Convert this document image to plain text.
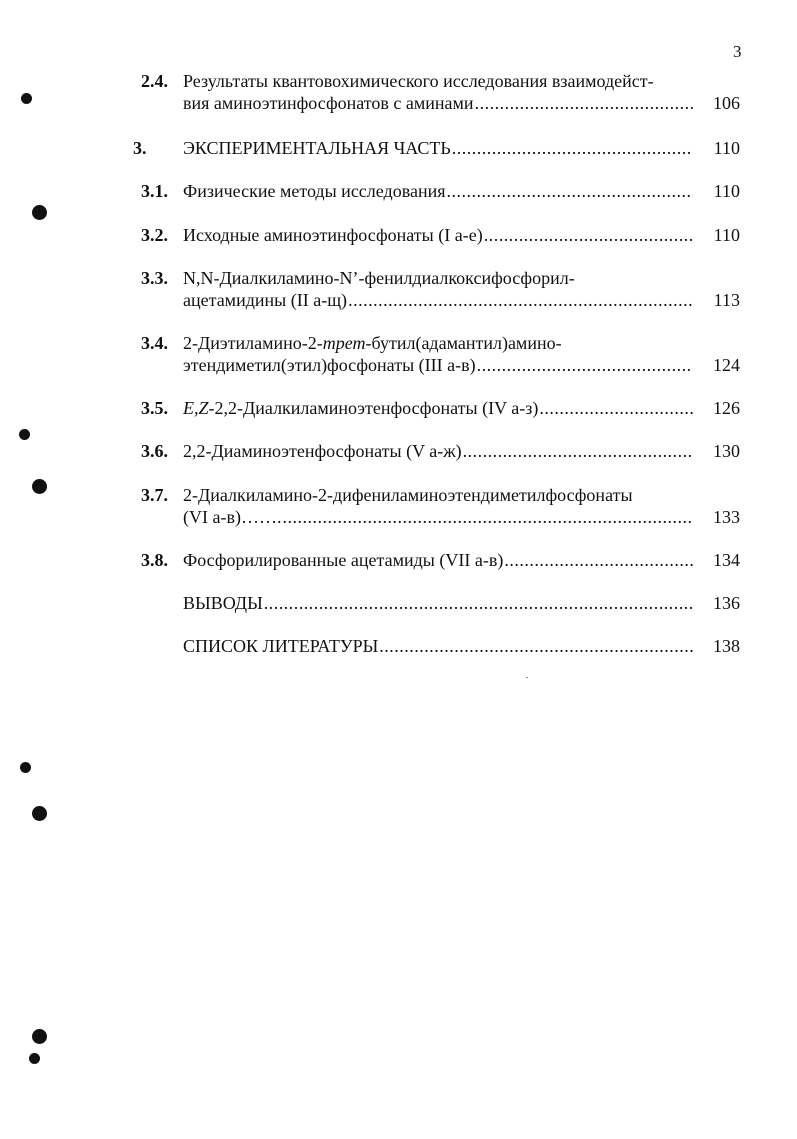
3
2.4. Результаты квантовохимического исследования взаимодейст-
вия аминоэтинфосфонатов с аминами .....	106
3. ЭКСПЕРИМЕНТАЛЬНАЯ ЧАСТЬ .....	110
3.1. Физические методы исследования .....	110
3.2. Исходные аминоэтинфосфонаты (I а-е) .....	110
3.3. N,N-Диалкиламино-N’-фенилдиалкоксифосфорил-
ацетамидины (II а-щ) .....	113
3.4. 2-Диэтиламино-2-трет-бутил(адамантил)амино-
этендиметил(этил)фосфонаты (III а-в) .....	124
3.5. E,Z-2,2-Диалкиламиноэтенфосфонаты (IV а-з) .....	126
3.6. 2,2-Диаминоэтенфосфонаты (V а-ж) .....	130
3.7. 2-Диалкиламино-2-дифениламиноэтендиметилфосфонаты
(VI а-в)……. .....	133
3.8. Фосфорилированные ацетамиды (VII а-в) .....	134
ВЫВОДЫ .....	136
СПИСОК ЛИТЕРАТУРЫ .....	138
